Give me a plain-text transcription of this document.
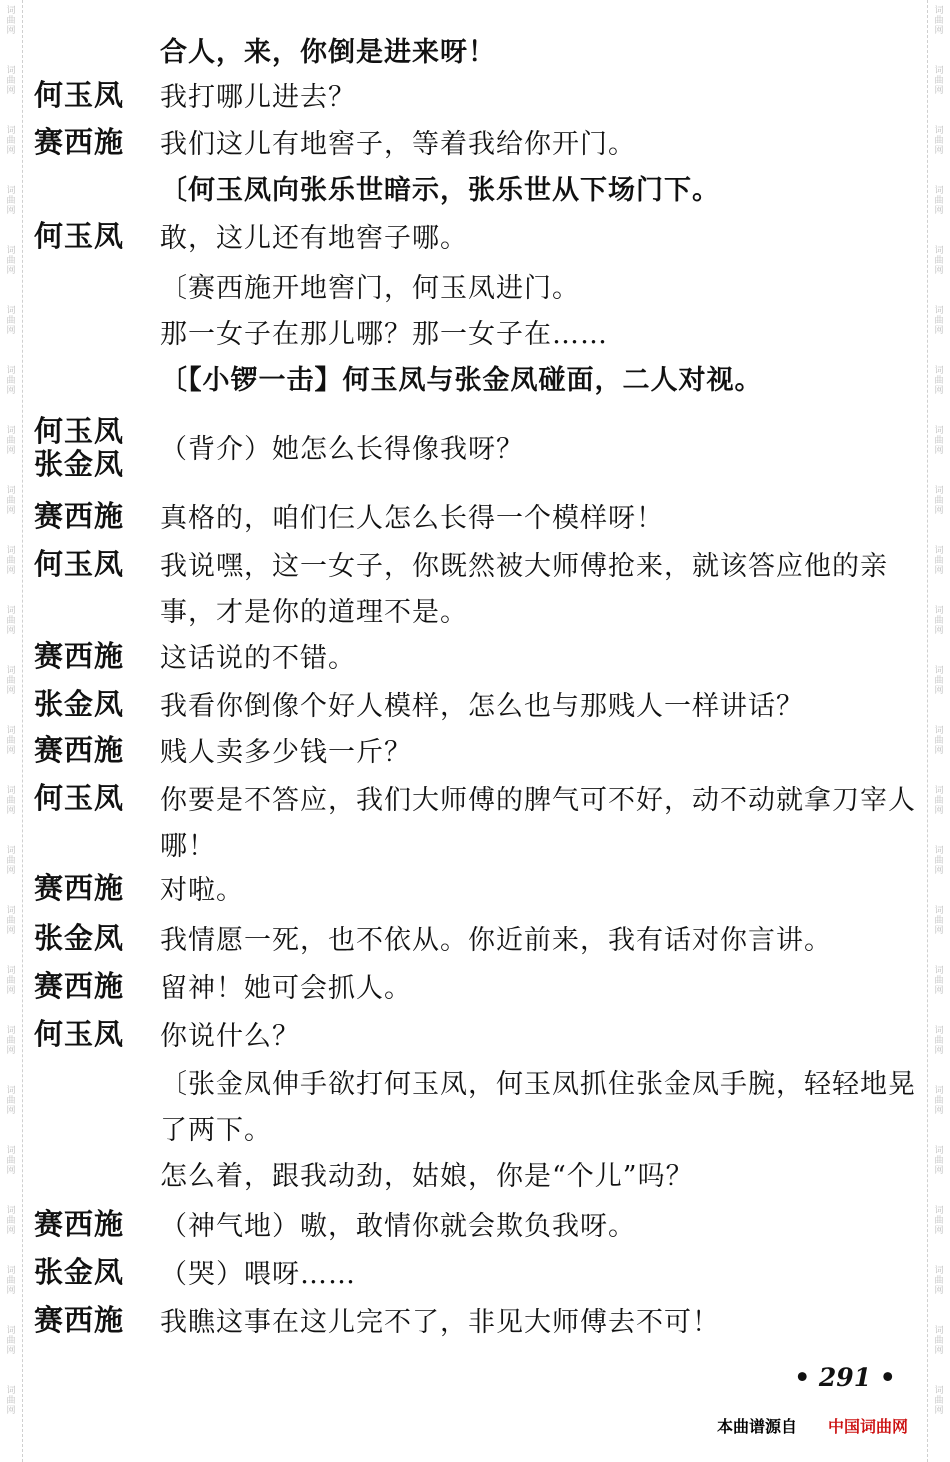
词
曲
网
词
曲
网
词
曲
网
词
曲
网
词
曲
网
词
曲
网
词
曲
网
词
曲
网
词
曲
网
词
曲
网
词
曲
网
词
曲
网
词
曲
网
词
曲
网
词
曲
网
词
曲
网
词
曲
网
词
曲
网
词
曲
网
词
曲
网
词
曲
网
词
曲
网
词
曲
网
词
曲
网
词
曲
网
词
曲
网
词
曲
网
词
曲
网
词
曲
网
词
曲
网
词
曲
网
词
曲
网
词
曲
网
词
曲
网
词
曲
网
词
曲
网
词
曲
网
词
曲
网
词
曲
网
词
曲
网
词
曲
网
词
曲
网
词
曲
网
词
曲
网
词
曲
网
词
曲
网
词
曲
网
词
曲
网
合人，来，你倒是进来呀！
何玉凤	我打哪儿进去？
赛西施	我们这儿有地窖子，等着我给你开门。
〔何玉凤向张乐世暗示，张乐世从下场门下。
何玉凤	敢，这儿还有地窖子哪。
〔赛西施开地窖门，何玉凤进门。
那一女子在那儿哪？那一女子在……
〔【小锣一击】何玉凤与张金凤碰面，二人对视。
何玉凤
张金凤	（背介）她怎么长得像我呀？
赛西施	真格的，咱们仨人怎么长得一个模样呀！
何玉凤	我说嘿，这一女子，你既然被大师傅抢来，就该答应他的亲事，才是你的道理不是。
赛西施	这话说的不错。
张金凤	我看你倒像个好人模样，怎么也与那贱人一样讲话？
赛西施	贱人卖多少钱一斤？
何玉凤	你要是不答应，我们大师傅的脾气可不好，动不动就拿刀宰人哪！
赛西施	对啦。
张金凤	我情愿一死，也不依从。你近前来，我有话对你言讲。
赛西施	留神！她可会抓人。
何玉凤	你说什么？
〔张金凤伸手欲打何玉凤，何玉凤抓住张金凤手腕，轻轻地晃了两下。
怎么着，跟我动劲，姑娘，你是“个儿”吗？
赛西施	（神气地）嗷，敢情你就会欺负我呀。
张金凤	（哭）喂呀……
赛西施	我瞧这事在这儿完不了，非见大师傅去不可！
• 291 •
本曲谱源自 中国词曲网
